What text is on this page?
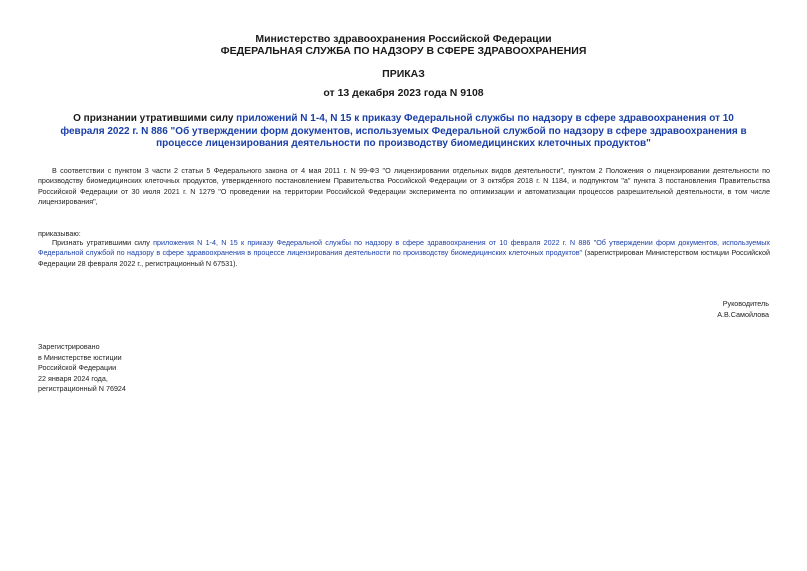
Министерство здравоохранения Российской Федерации
ФЕДЕРАЛЬНАЯ СЛУЖБА ПО НАДЗОРУ В СФЕРЕ ЗДРАВООХРАНЕНИЯ
ПРИКАЗ
от 13 декабря 2023 года N 9108
О признании утратившими силу приложений N 1-4, N 15 к приказу Федеральной службы по надзору в сфере здравоохранения от 10 февраля 2022 г. N 886 "Об утверждении форм документов, используемых Федеральной службой по надзору в сфере здравоохранения в процессе лицензирования деятельности по производству биомедицинских клеточных продуктов"
В соответствии с пунктом 3 части 2 статьи 5 Федерального закона от 4 мая 2011 г. N 99-ФЗ "О лицензировании отдельных видов деятельности", пунктом 2 Положения о лицензировании деятельности по производству биомедицинских клеточных продуктов, утвержденного постановлением Правительства Российской Федерации от 3 октября 2018 г. N 1184, и подпунктом "а" пункта 3 постановления Правительства Российской Федерации от 30 июля 2021 г. N 1279 "О проведении на территории Российской Федерации эксперимента по оптимизации и автоматизации процессов разрешительной деятельности, в том числе лицензирования",
приказываю:
Признать утратившими силу приложения N 1-4, N 15 к приказу Федеральной службы по надзору в сфере здравоохранения от 10 февраля 2022 г. N 886 "Об утверждении форм документов, используемых Федеральной службой по надзору в сфере здравоохранения в процессе лицензирования деятельности по производству биомедицинских клеточных продуктов" (зарегистрирован Министерством юстиции Российской Федерации 28 февраля 2022 г., регистрационный N 67531).
Руководитель
А.В.Самойлова
Зарегистрировано
в Министерстве юстиции
Российской Федерации
22 января 2024 года,
регистрационный N 76924
